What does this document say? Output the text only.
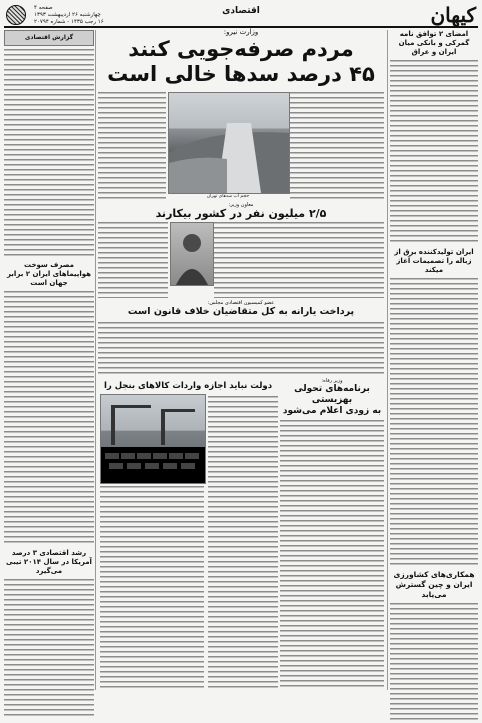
کیهان
اقتصادی
صفحه ۴
چهارشنبه ۲۶ اردیبهشت ۱۳۹۳
۱۶ رجب ۱۴۳۵ - شماره ۲۰۷۹۴
امضای ۲ توافق نامه گمرکی و بانکی میان ایران و عراق
ایران تولیدکننده برق از زباله را تصمیمات آغاز میکند
همکاری‌های کشاورزی ایران و چین گسترش می‌یابد
وزارت نیرو:
مردم صرفه‌جویی کنند
۴۵ درصد سدها خالی است
گزارش اقتصادی
مصرف سوخت هواپیماهای ایران ۲ برابر جهان است
رشد اقتصادی ۳ درصد آمریکا در سال ۲۰۱۴ تیبی می‌گیرد
حجم آب سدهای تهران
معاون وزیر:
۲/۵ میلیون نفر در کشور بیکارند
عضو کمیسیون اقتصادی مجلس:
پرداخت یارانه به کل متقاضیان خلاف قانون است
دولت نباید اجازه واردات کالاهای بنجل را	وزیر رفاه:
برنامه‌های تحولی بهزیستی
به زودی اعلام می‌شود
